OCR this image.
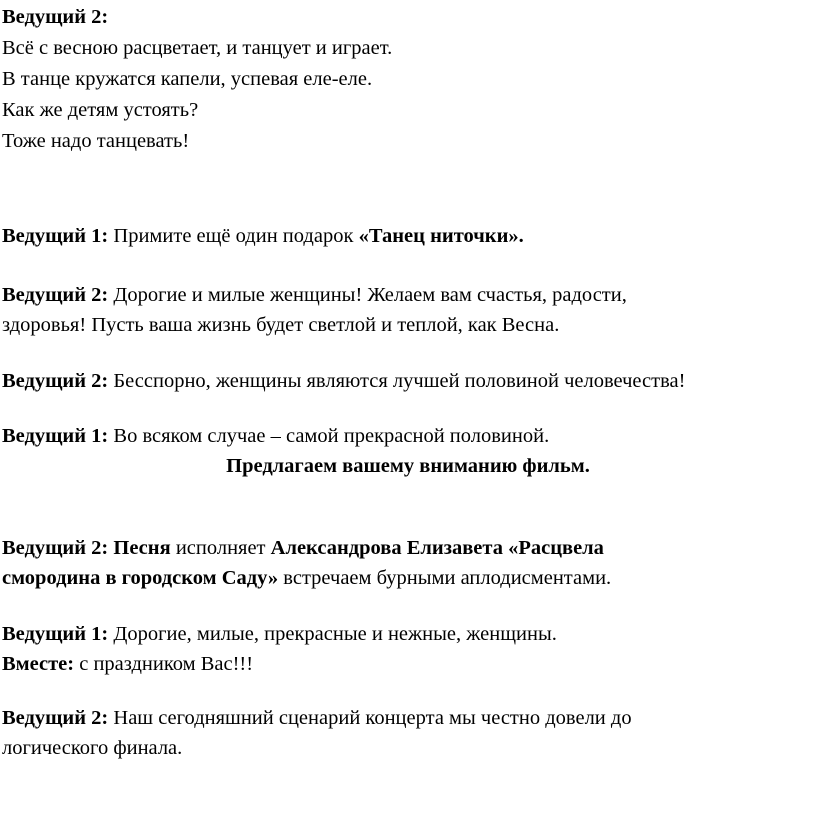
Ведущий 2:
Всё с весною расцветает, и танцует и играет.
В танце кружатся капели, успевая еле-еле.
Как же детям устоять?
Тоже надо танцевать!
Ведущий 1: Примите ещё один подарок «Танец ниточки».
Ведущий 2: Дорогие и милые женщины! Желаем вам счастья, радости,
здоровья! Пусть ваша жизнь будет светлой и теплой, как Весна.
Ведущий 2: Бесспорно, женщины являются лучшей половиной человечества!
Ведущий 1: Во всяком случае – самой прекрасной половиной.
Предлагаем вашему вниманию фильм.
Ведущий 2: Песня исполняет Александрова Елизавета «Расцвела
смородина в городском Саду» встречаем бурными аплодисментами.
Ведущий 1: Дорогие, милые, прекрасные и нежные, женщины.
Вместе: с праздником Вас!!!
Ведущий 2: Наш сегодняшний сценарий концерта мы честно довели до
логического финала.
